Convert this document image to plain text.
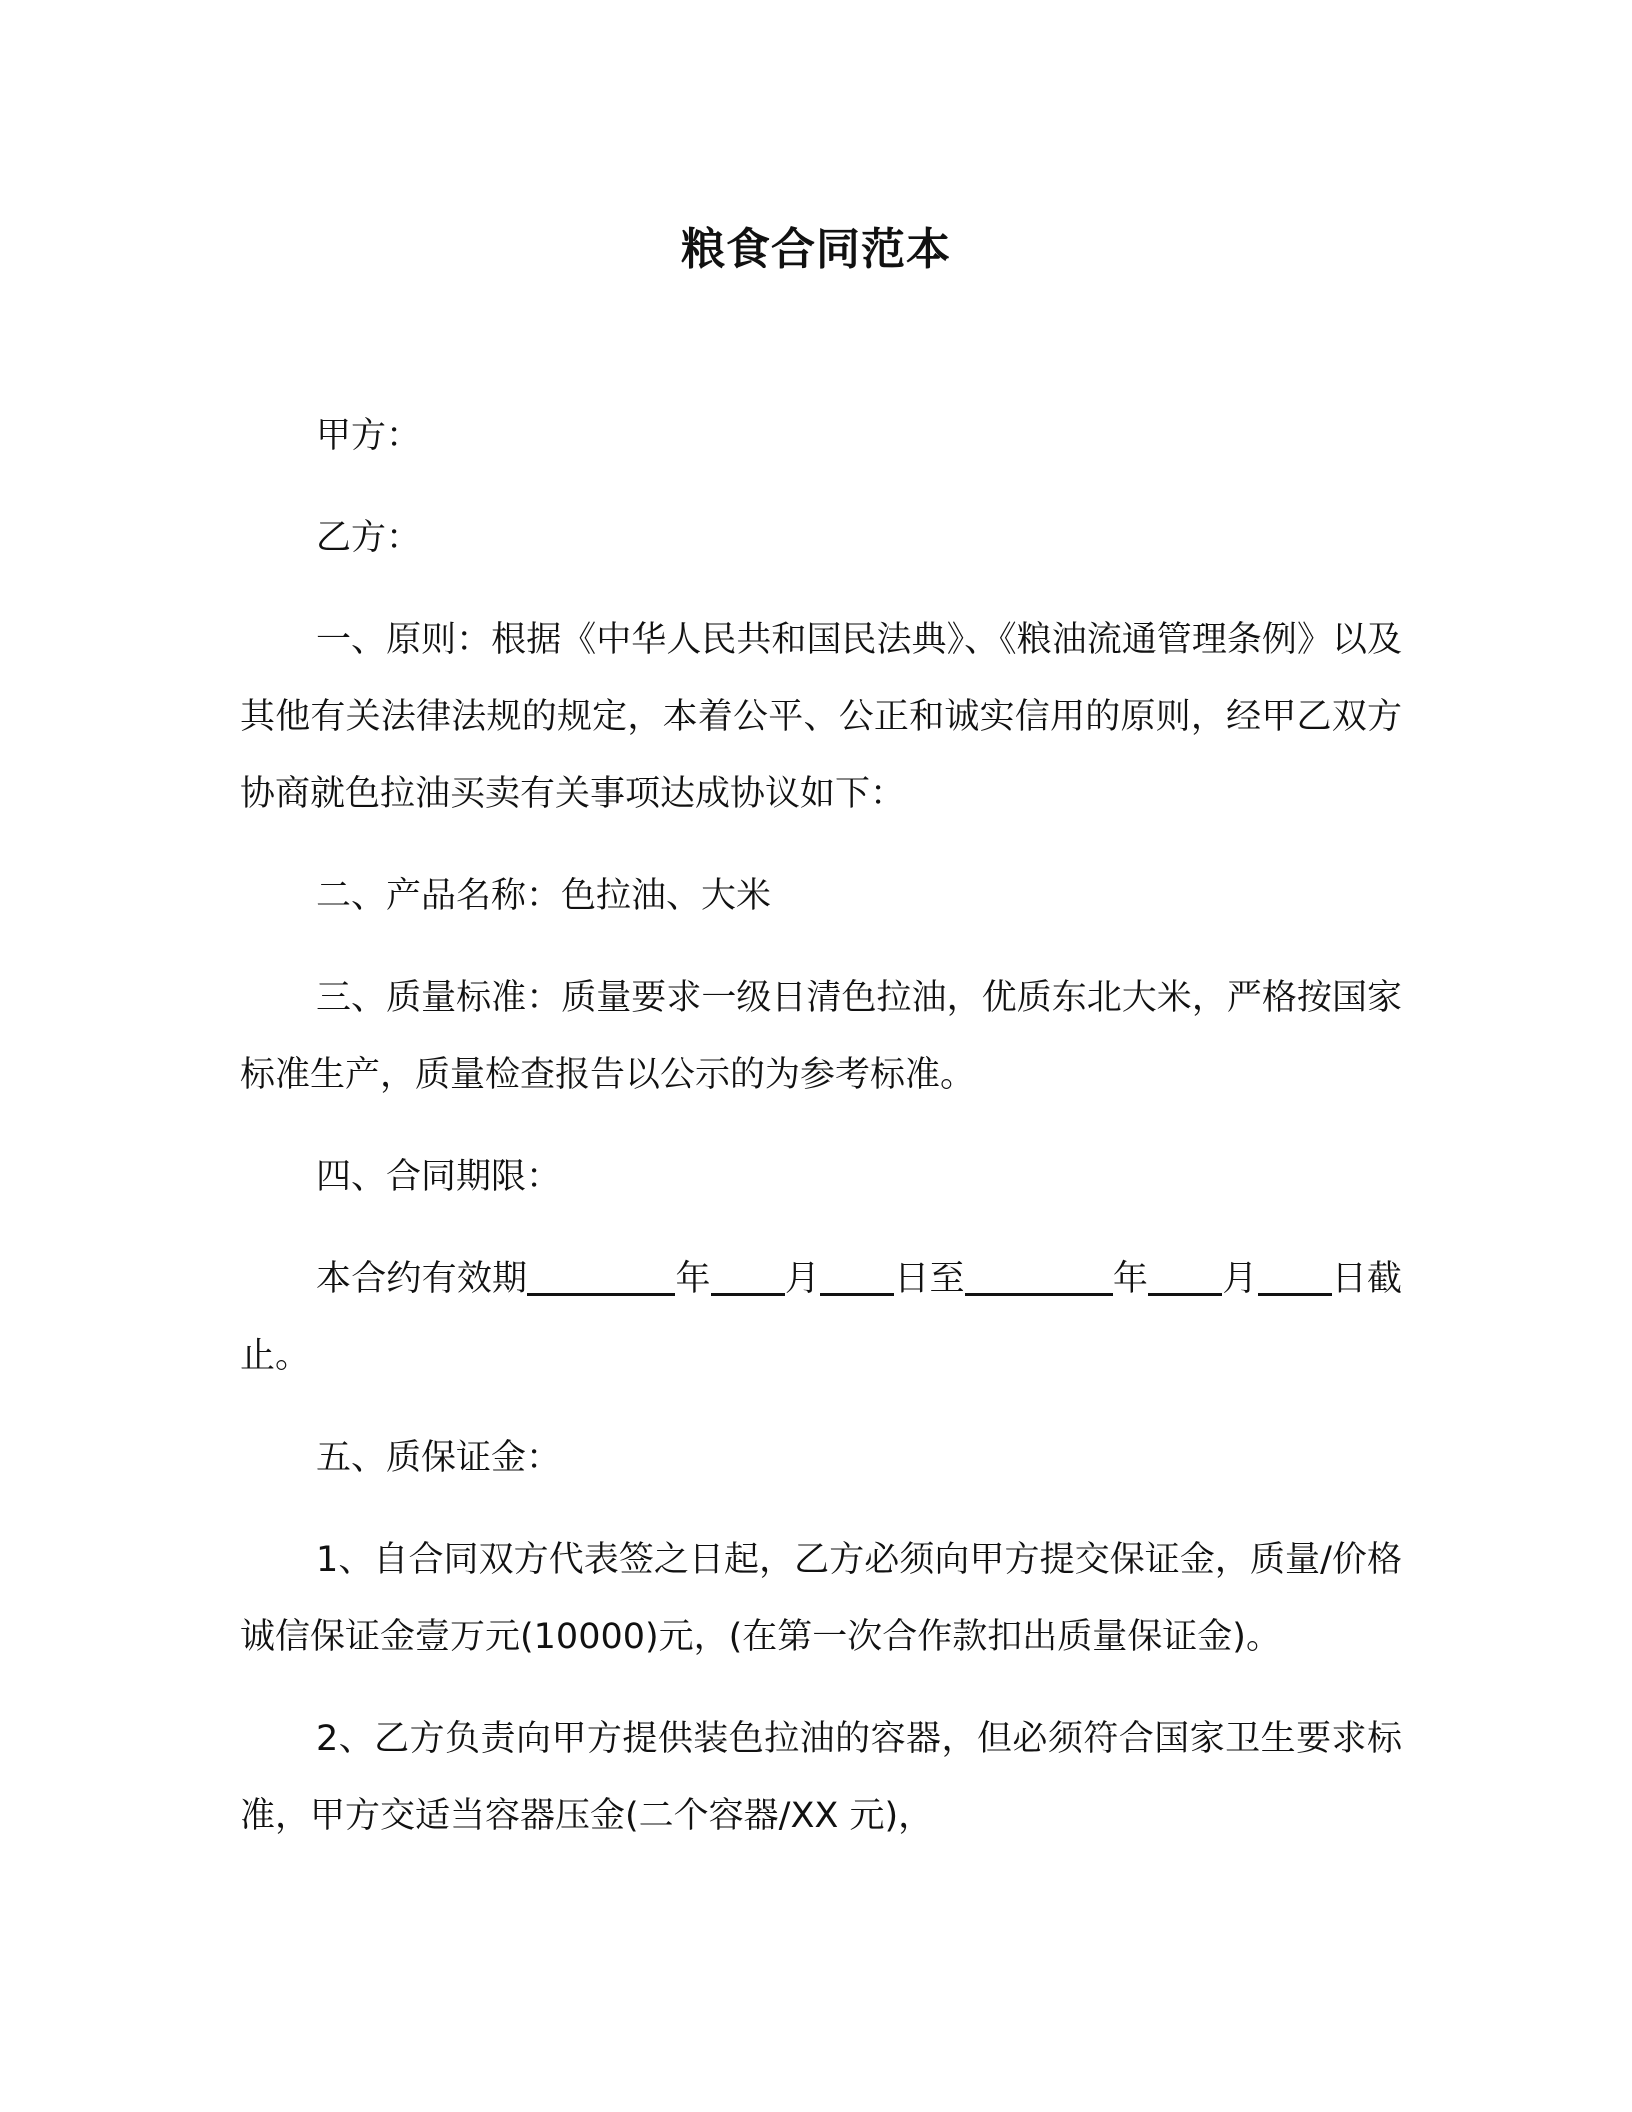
粮食合同范本

甲方：

乙方：

一、原则：根据《中华人民共和国民法典》、《粮油流通管理条例》以及其他有关法律法规的规定，本着公平、公正和诚实信用的原则，经甲乙双方协商就色拉油买卖有关事项达成协议如下：

二、产品名称：色拉油、大米

三、质量标准：质量要求一级日清色拉油，优质东北大米，严格按国家标准生产，质量检查报告以公示的为参考标准。

四、合同期限：

本合约有效期	年 月 日至	年 月 日截止。

五、质保证金：

1、自合同双方代表签之日起，乙方必须向甲方提交保证金，质量/价格诚信保证金壹万元(10000)元，(在第一次合作款扣出质量保证金)。

2、乙方负责向甲方提供装色拉油的容器，但必须符合国家卫生要求标准，甲方交适当容器压金(二个容器/XX 元)，
